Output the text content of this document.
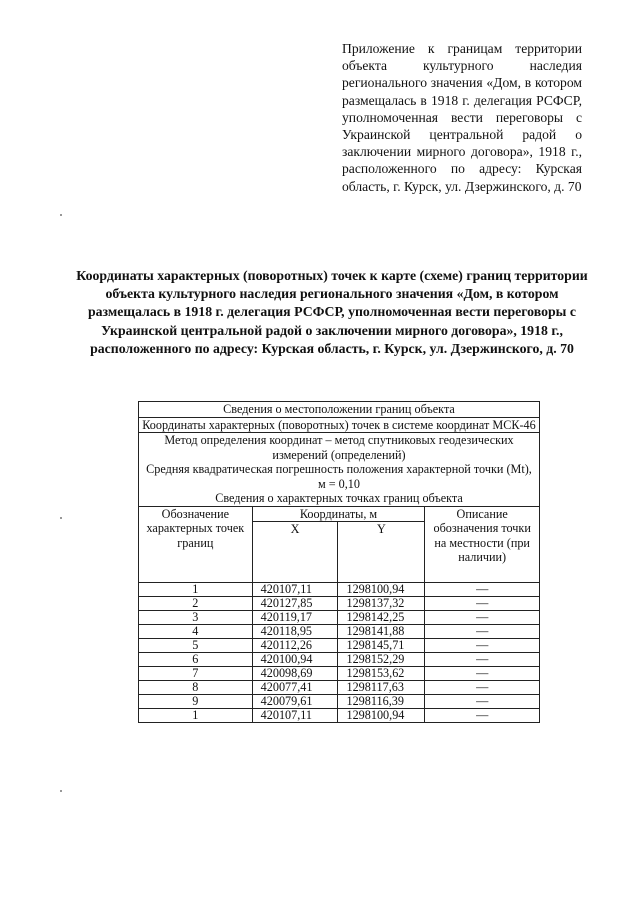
Приложение к границам территории объекта культурного наследия регионального значения «Дом, в котором размещалась в 1918 г. делегация РСФСР, уполномоченная вести переговоры с Украинской центральной радой о заключении мирного договора», 1918 г., расположенного по адресу: Курская область, г. Курск, ул. Дзержинского, д. 70
Координаты характерных (поворотных) точек к карте (схеме) границ территории объекта культурного наследия регионального значения «Дом, в котором размещалась в 1918 г. делегация РСФСР, уполномоченная вести переговоры с Украинской центральной радой о заключении мирного договора», 1918 г., расположенного по адресу: Курская область, г. Курск, ул. Дзержинского, д. 70
Сведения о местоположении границ объекта			
Координаты характерных (поворотных) точек в системе координат МСК-46			

Метод определения координат – метод спутниковых геодезических измерений (определений)
Средняя квадратическая погрешность положения характерной точки (Mt), м = 0,10
Сведения о характерных точках границ объекта			

Обозначение характерных точек границ	Координаты, м		Описание обозначения точки на местности (при наличии)
	X	Y	
1	420107,11	1298100,94	—
2	420127,85	1298137,32	—
3	420119,17	1298142,25	—
4	420118,95	1298141,88	—
5	420112,26	1298145,71	—
6	420100,94	1298152,29	—
7	420098,69	1298153,62	—
8	420077,41	1298117,63	—
9	420079,61	1298116,39	—
1	420107,11	1298100,94	—
